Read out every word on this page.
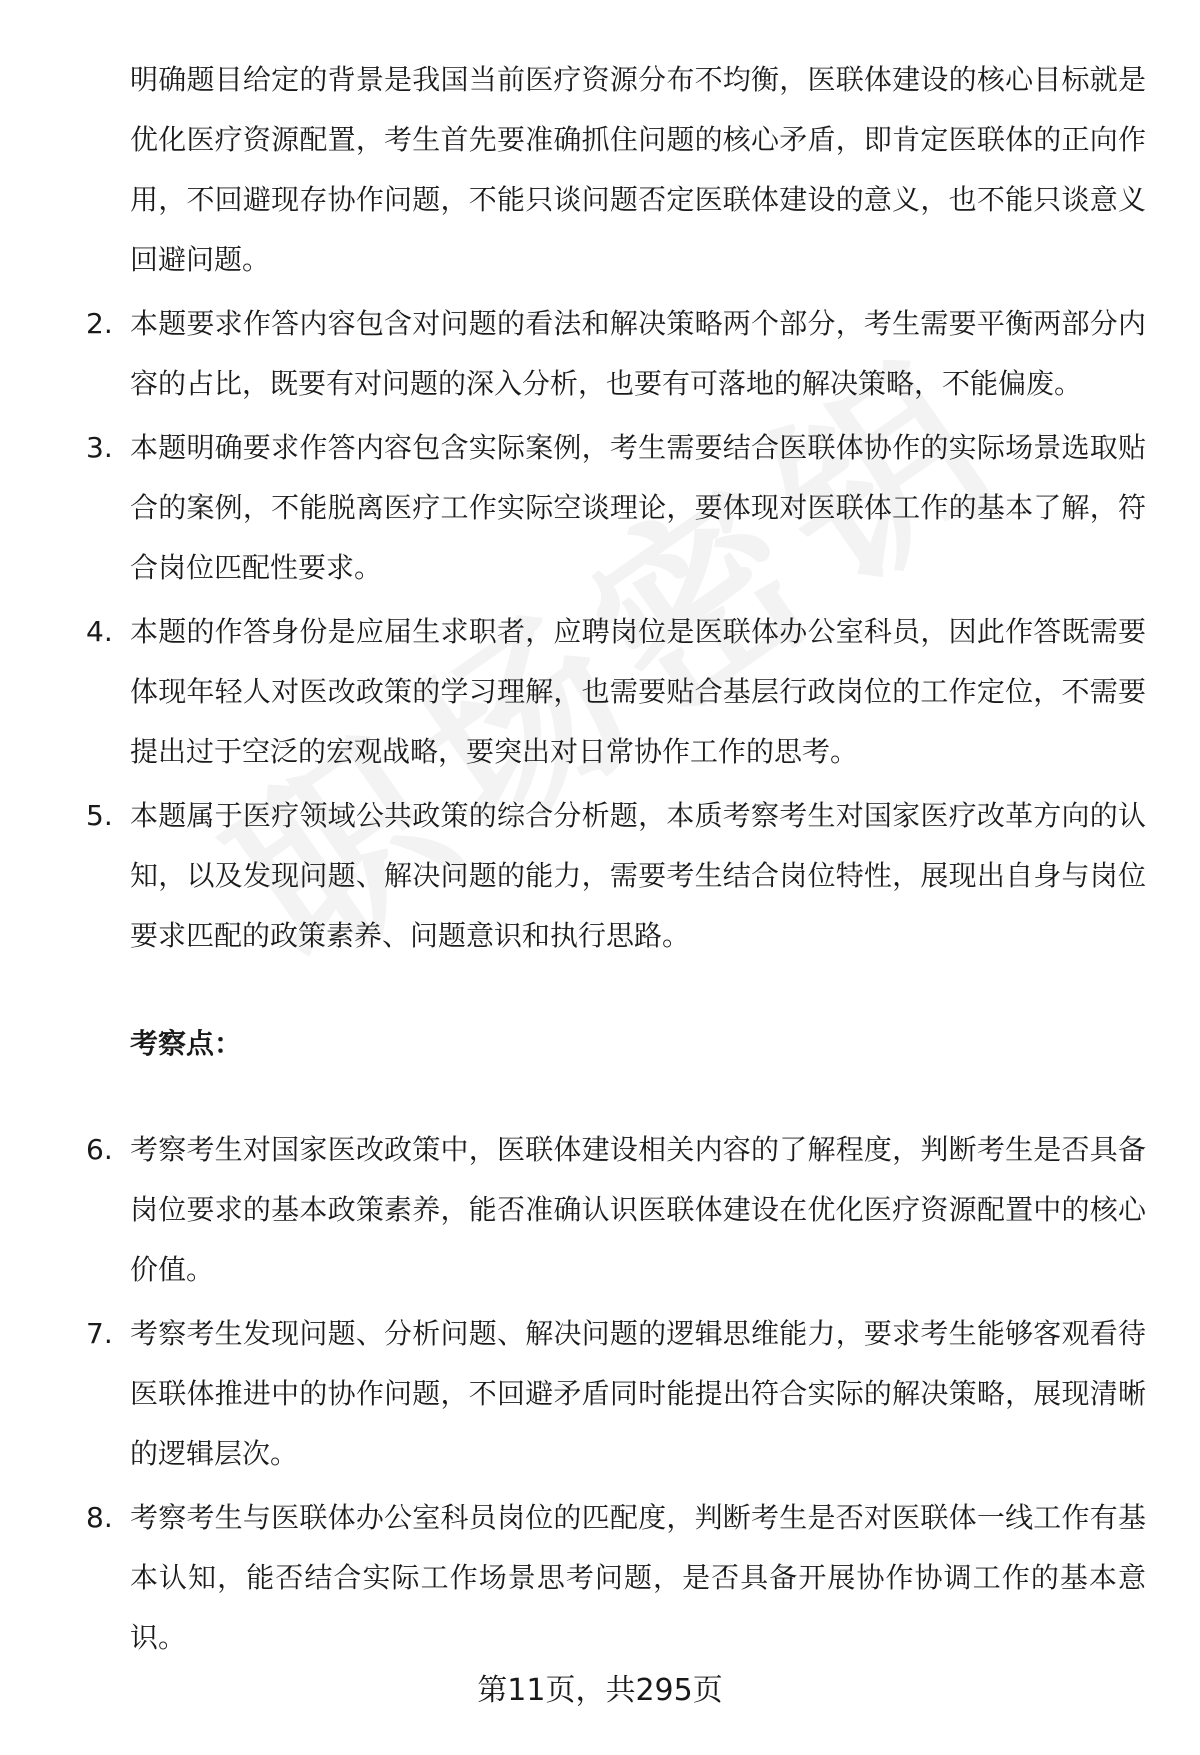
明确题目给定的背景是我国当前医疗资源分布不均衡，医联体建设的核心目标就是优化医疗资源配置，考生首先要准确抓住问题的核心矛盾，即肯定医联体的正向作用，不回避现存协作问题，不能只谈问题否定医联体建设的意义，也不能只谈意义回避问题。

2. 本题要求作答内容包含对问题的看法和解决策略两个部分，考生需要平衡两部分内容的占比，既要有对问题的深入分析，也要有可落地的解决策略，不能偏废。

3. 本题明确要求作答内容包含实际案例，考生需要结合医联体协作的实际场景选取贴合的案例，不能脱离医疗工作实际空谈理论，要体现对医联体工作的基本了解，符合岗位匹配性要求。

4. 本题的作答身份是应届生求职者，应聘岗位是医联体办公室科员，因此作答既需要体现年轻人对医改政策的学习理解，也需要贴合基层行政岗位的工作定位，不需要提出过于空泛的宏观战略，要突出对日常协作工作的思考。

5. 本题属于医疗领域公共政策的综合分析题，本质考察考生对国家医疗改革方向的认知，以及发现问题、解决问题的能力，需要考生结合岗位特性，展现出自身与岗位要求匹配的政策素养、问题意识和执行思路。

考察点：

6. 考察考生对国家医改政策中，医联体建设相关内容的了解程度，判断考生是否具备岗位要求的基本政策素养，能否准确认识医联体建设在优化医疗资源配置中的核心价值。

7. 考察考生发现问题、分析问题、解决问题的逻辑思维能力，要求考生能够客观看待医联体推进中的协作问题，不回避矛盾同时能提出符合实际的解决策略，展现清晰的逻辑层次。

8. 考察考生与医联体办公室科员岗位的匹配度，判断考生是否对医联体一线工作有基本认知，能否结合实际工作场景思考问题，是否具备开展协作协调工作的基本意识。

第11页，共295页
